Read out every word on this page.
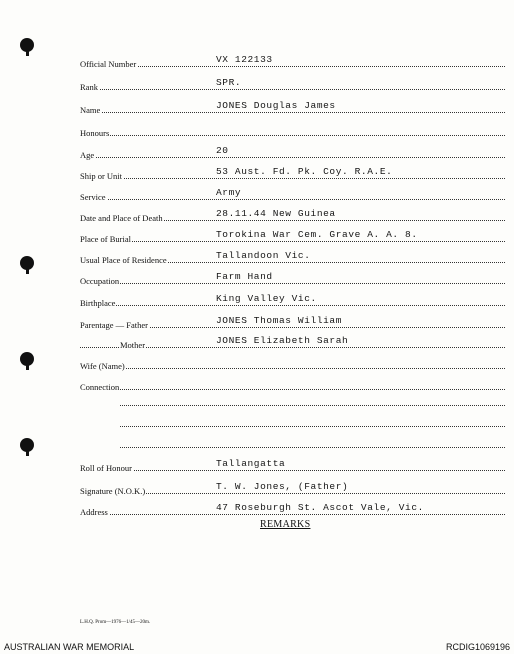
Official Number	VX 122133
Rank	SPR.
Name	JONES Douglas James
Honours
Age	20
Ship or Unit	53 Aust. Fd. Pk. Coy. R.A.E.
Service	Army
Date and Place of Death	28.11.44 New Guinea
Place of Burial	Torokina War Cem. Grave A. A. 8.
Usual Place of Residence	Tallandoon Vic.
Occupation	Farm Hand
Birthplace	King Valley Vic.
Parentage — Father	JONES Thomas William
Mother	JONES Elizabeth Sarah
Wife (Name)
Connection
Roll of Honour	Tallangatta
Signature (N.O.K.)	T. W. Jones, (Father)
Address	47 Roseburgh St. Ascot Vale, Vic.
REMARKS
L.H.Q. Prom—1976—1/45—20m.
AUSTRALIAN WAR MEMORIAL	RCDIG1069196
